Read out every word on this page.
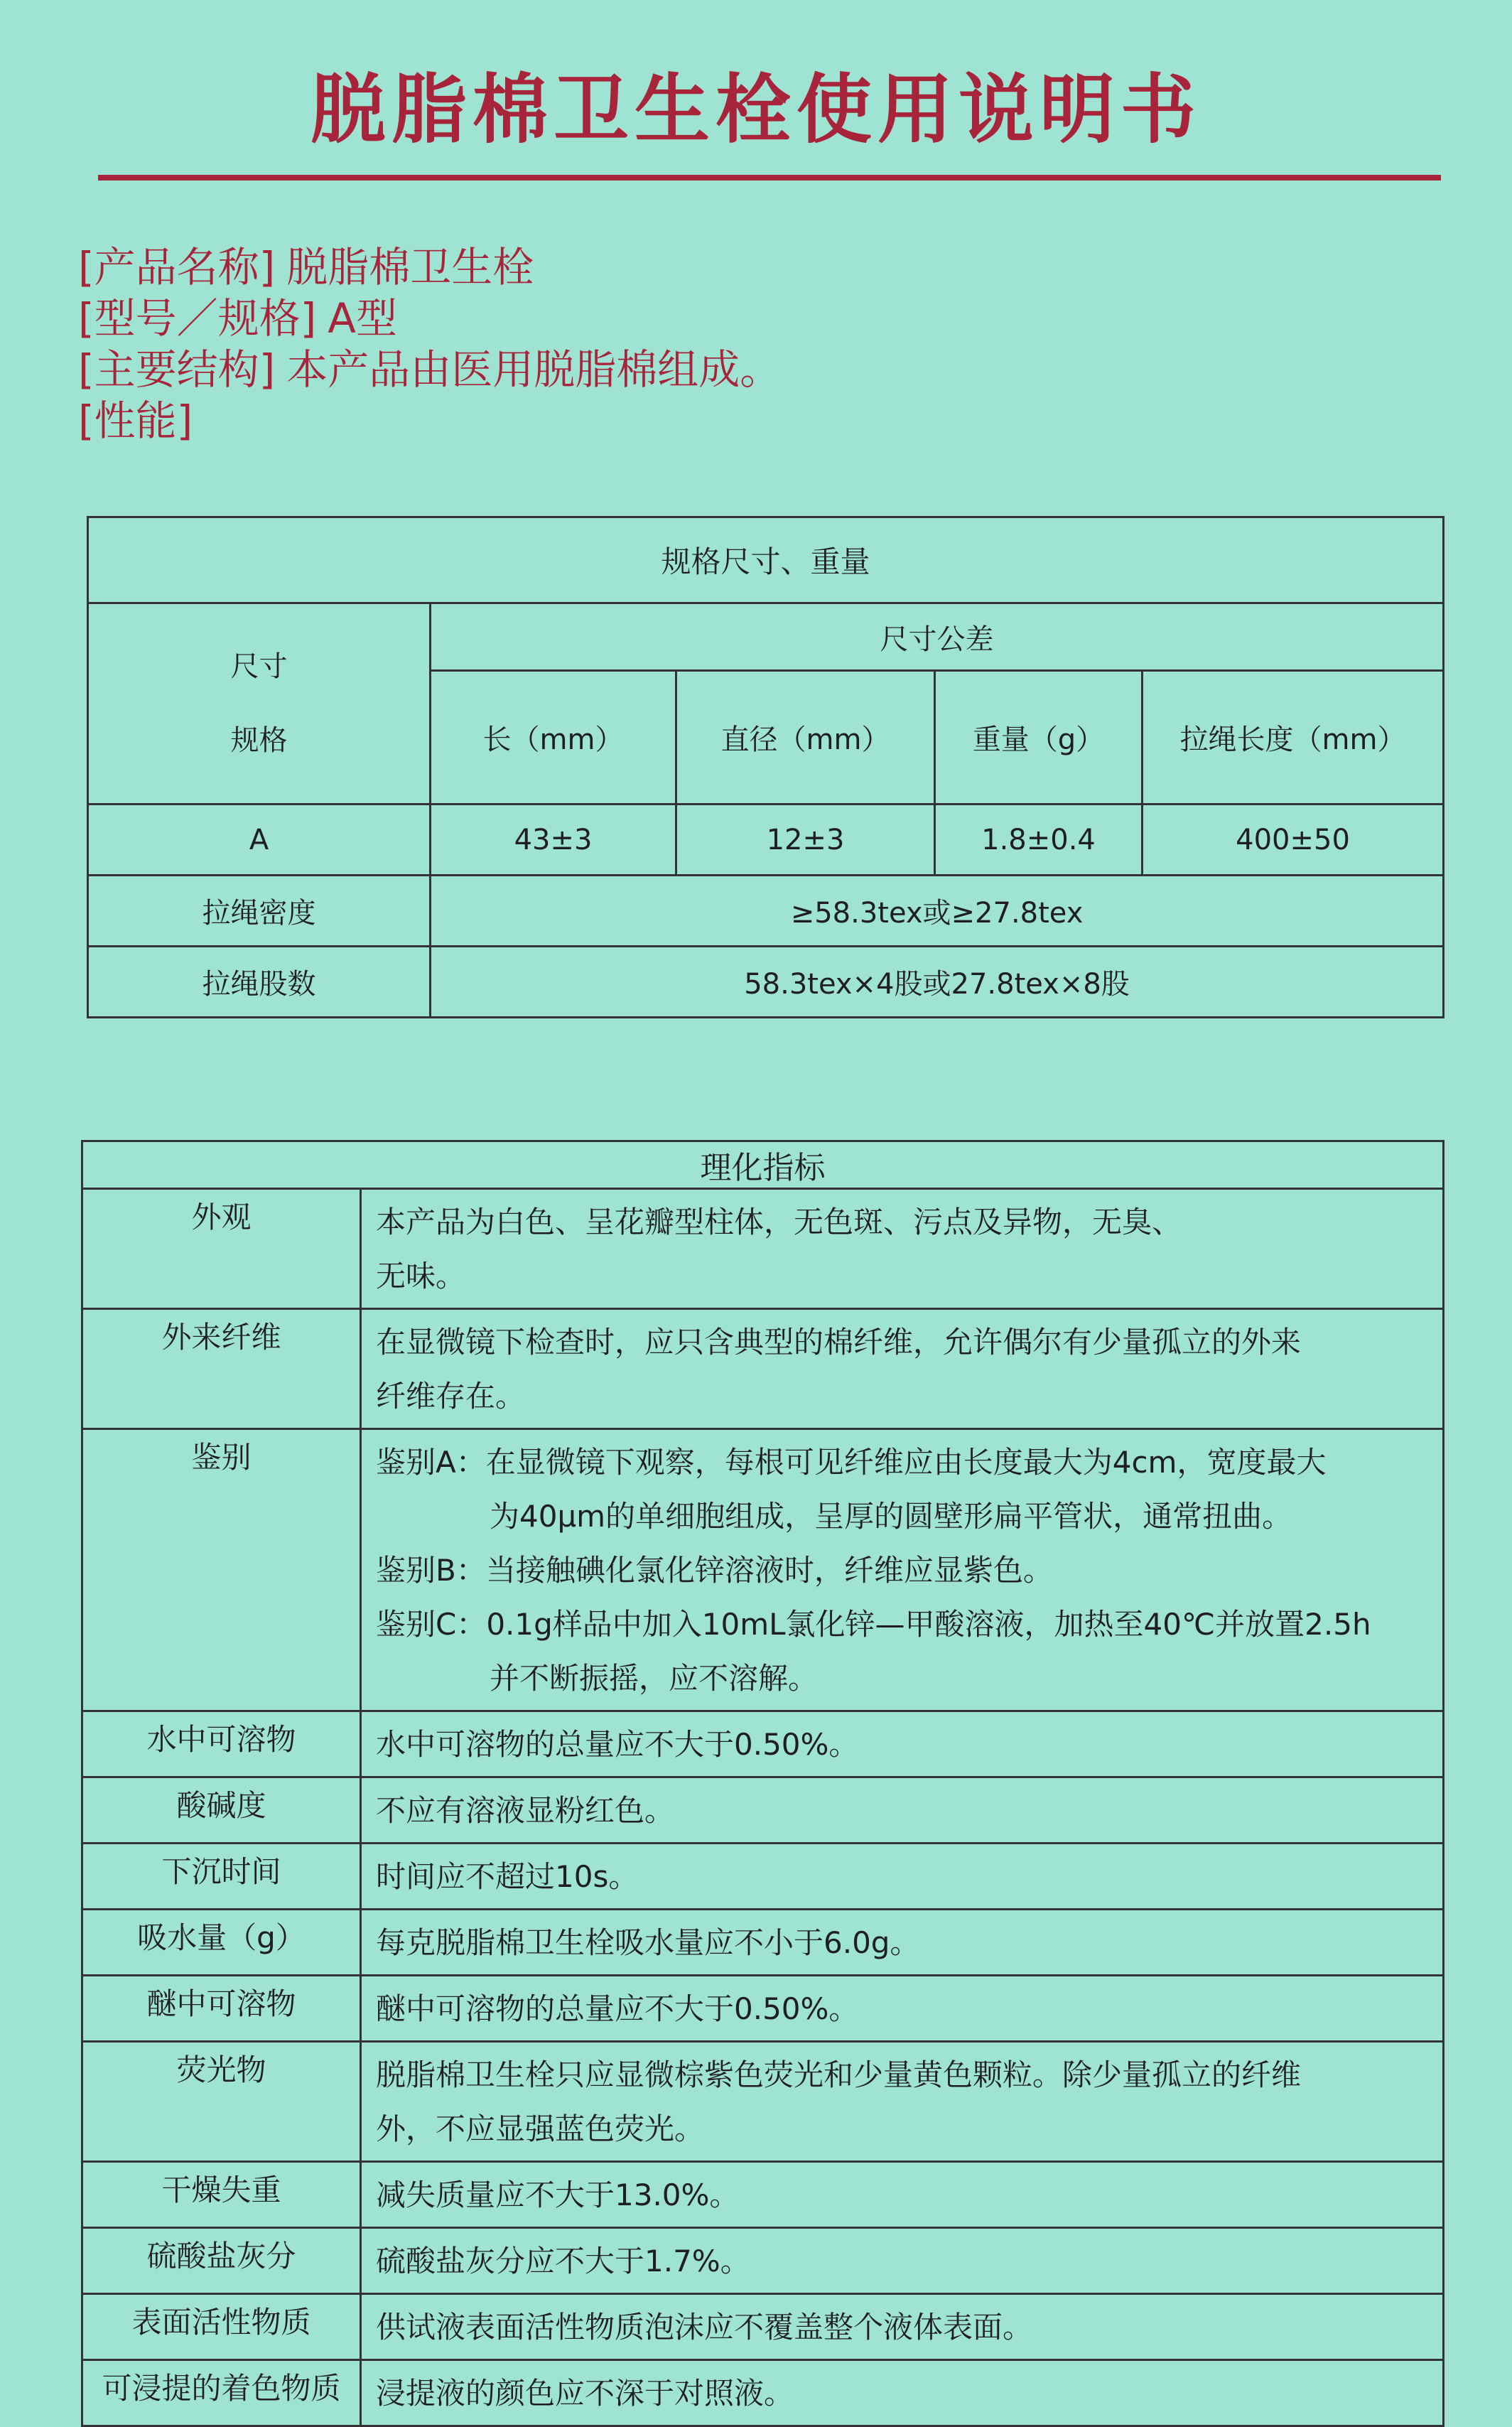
脱脂棉卫生栓使用说明书
[产品名称] 脱脂棉卫生栓
[型号／规格] A型
[主要结构] 本产品由医用脱脂棉组成。
[性能]
规格尺寸、重量				

尺寸
规格	尺寸公差			
	长（mm）	直径（mm）	重量（g）	拉绳长度（mm）
A	43±3	12±3	1.8±0.4	400±50
拉绳密度	≥58.3tex或≥27.8tex			
拉绳股数	58.3tex×4股或27.8tex×8股			
理化指标	
外观	本产品为白色、呈花瓣型柱体，无色斑、污点及异物，无臭、
无味。

外来纤维	在显微镜下检查时，应只含典型的棉纤维，允许偶尔有少量孤立的外来
纤维存在。

鉴别	鉴别A：在显微镜下观察，每根可见纤维应由长度最大为4cm，宽度最大
为40μm的单细胞组成，呈厚的圆壁形扁平管状，通常扭曲。
鉴别B：当接触碘化氯化锌溶液时，纤维应显紫色。
鉴别C：0.1g样品中加入10mL氯化锌—甲酸溶液，加热至40℃并放置2.5h
并不断振摇，应不溶解。

水中可溶物	水中可溶物的总量应不大于0.50%。
酸碱度	不应有溶液显粉红色。
下沉时间	时间应不超过10s。
吸水量（g）	每克脱脂棉卫生栓吸水量应不小于6.0g。
醚中可溶物	醚中可溶物的总量应不大于0.50%。
荧光物	脱脂棉卫生栓只应显微棕紫色荧光和少量黄色颗粒。除少量孤立的纤维
外，不应显强蓝色荧光。

干燥失重	减失质量应不大于13.0%。
硫酸盐灰分	硫酸盐灰分应不大于1.7%。
表面活性物质	供试液表面活性物质泡沫应不覆盖整个液体表面。
可浸提的着色物质	浸提液的颜色应不深于对照液。
